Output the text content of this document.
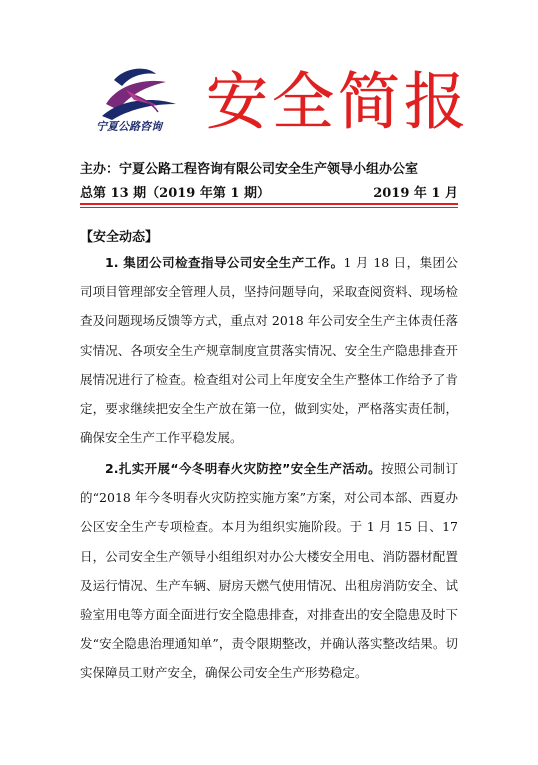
宁夏公路咨询 安全简报
主办：宁夏公路工程咨询有限公司安全生产领导小组办公室
总第 13 期（2019 年第 1 期）	2019 年 1 月
【安全动态】

1. 集团公司检查指导公司安全生产工作。1 月 18 日，集团公司项目管理部安全管理人员，坚持问题导向，采取查阅资料、现场检查及问题现场反馈等方式，重点对 2018 年公司安全生产主体责任落实情况、各项安全生产规章制度宣贯落实情况、安全生产隐患排查开展情况进行了检查。检查组对公司上年度安全生产整体工作给予了肯定，要求继续把安全生产放在第一位，做到实处，严格落实责任制，确保安全生产工作平稳发展。

2.扎实开展“今冬明春火灾防控”安全生产活动。按照公司制订的“2018 年今冬明春火灾防控实施方案”方案，对公司本部、西夏办公区安全生产专项检查。本月为组织实施阶段。于 1 月 15 日、17 日，公司安全生产领导小组组织对办公大楼安全用电、消防器材配置及运行情况、生产车辆、厨房天燃气使用情况、出租房消防安全、试验室用电等方面全面进行安全隐患排查，对排查出的安全隐患及时下发“安全隐患治理通知单”，责令限期整改，并确认落实整改结果。切实保障员工财产安全，确保公司安全生产形势稳定。
